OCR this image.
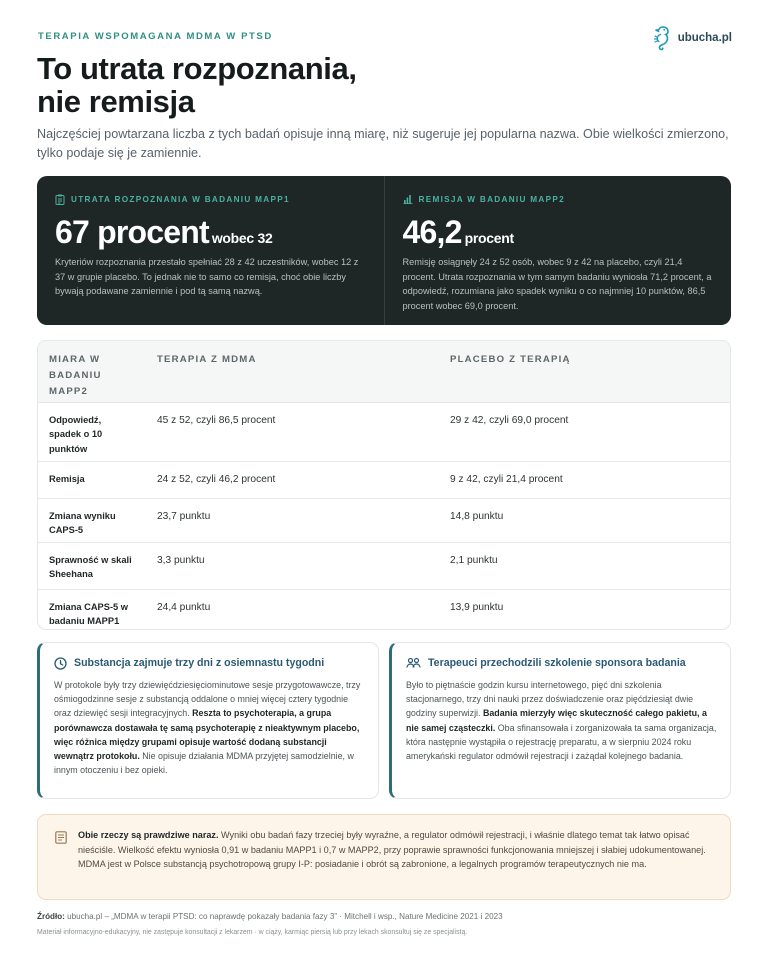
TERAPIA WSPOMAGANA MDMA W PTSD	ubucha.pl
To utrata rozpoznania,
nie remisja

Najczęściej powtarzana liczba z tych badań opisuje inną miarę, niż sugeruje jej popularna nazwa. Obie wielkości zmierzono, tylko podaje się je zamiennie.

UTRATA ROZPOZNANIA W BADANIU MAPP1
67 procent wobec 32

Kryteriów rozpoznania przestało spełniać 28 z 42 uczestników, wobec 12 z 37 w grupie placebo. To jednak nie to samo co remisja, choć obie liczby bywają podawane zamiennie i pod tą samą nazwą.

REMISJA W BADANIU MAPP2
46,2 procent

Remisję osiągnęły 24 z 52 osób, wobec 9 z 42 na placebo, czyli 21,4 procent. Utrata rozpoznania w tym samym badaniu wyniosła 71,2 procent, a odpowiedź, rozumiana jako spadek wyniku o co najmniej 10 punktów, 86,5 procent wobec 69,0 procent.

MIARA W BADANIU MAPP2	TERAPIA Z MDMA	PLACEBO Z TERAPIĄ
Odpowiedź, spadek o 10 punktów	45 z 52, czyli 86,5 procent	29 z 42, czyli 69,0 procent
Remisja	24 z 52, czyli 46,2 procent	9 z 42, czyli 21,4 procent
Zmiana wyniku CAPS-5	23,7 punktu	14,8 punktu
Sprawność w skali Sheehana	3,3 punktu	2,1 punktu
Zmiana CAPS-5 w badaniu MAPP1	24,4 punktu	13,9 punktu
Substancja zajmuje trzy dni z osiemnastu tygodni

W protokole były trzy dziewięćdziesięciominutowe sesje przygotowawcze, trzy ośmiogodzinne sesje z substancją oddalone o mniej więcej cztery tygodnie oraz dziewięć sesji integracyjnych. Reszta to psychoterapia, a grupa porównawcza dostawała tę samą psychoterapię z nieaktywnym placebo, więc różnica między grupami opisuje wartość dodaną substancji wewnątrz protokołu. Nie opisuje działania MDMA przyjętej samodzielnie, w innym otoczeniu i bez opieki.

Terapeuci przechodzili szkolenie sponsora badania

Było to piętnaście godzin kursu internetowego, pięć dni szkolenia stacjonarnego, trzy dni nauki przez doświadczenie oraz pięćdziesiąt dwie godziny superwizji. Badania mierzyły więc skuteczność całego pakietu, a nie samej cząsteczki. Oba sfinansowała i zorganizowała ta sama organizacja, która następnie wystąpiła o rejestrację preparatu, a w sierpniu 2024 roku amerykański regulator odmówił rejestracji i zażądał kolejnego badania.

Obie rzeczy są prawdziwe naraz. Wyniki obu badań fazy trzeciej były wyraźne, a regulator odmówił rejestracji, i właśnie dlatego temat tak łatwo opisać nieściśle. Wielkość efektu wyniosła 0,91 w badaniu MAPP1 i 0,7 w MAPP2, przy poprawie sprawności funkcjonowania mniejszej i słabiej udokumentowanej. MDMA jest w Polsce substancją psychotropową grupy I-P: posiadanie i obrót są zabronione, a legalnych programów terapeutycznych nie ma.

Źródło: ubucha.pl – „MDMA w terapii PTSD: co naprawdę pokazały badania fazy 3” · Mitchell i wsp., Nature Medicine 2021 i 2023

Materiał informacyjno-edukacyjny, nie zastępuje konsultacji z lekarzem · w ciąży, karmiąc piersią lub przy lekach skonsultuj się ze specjalistą.
